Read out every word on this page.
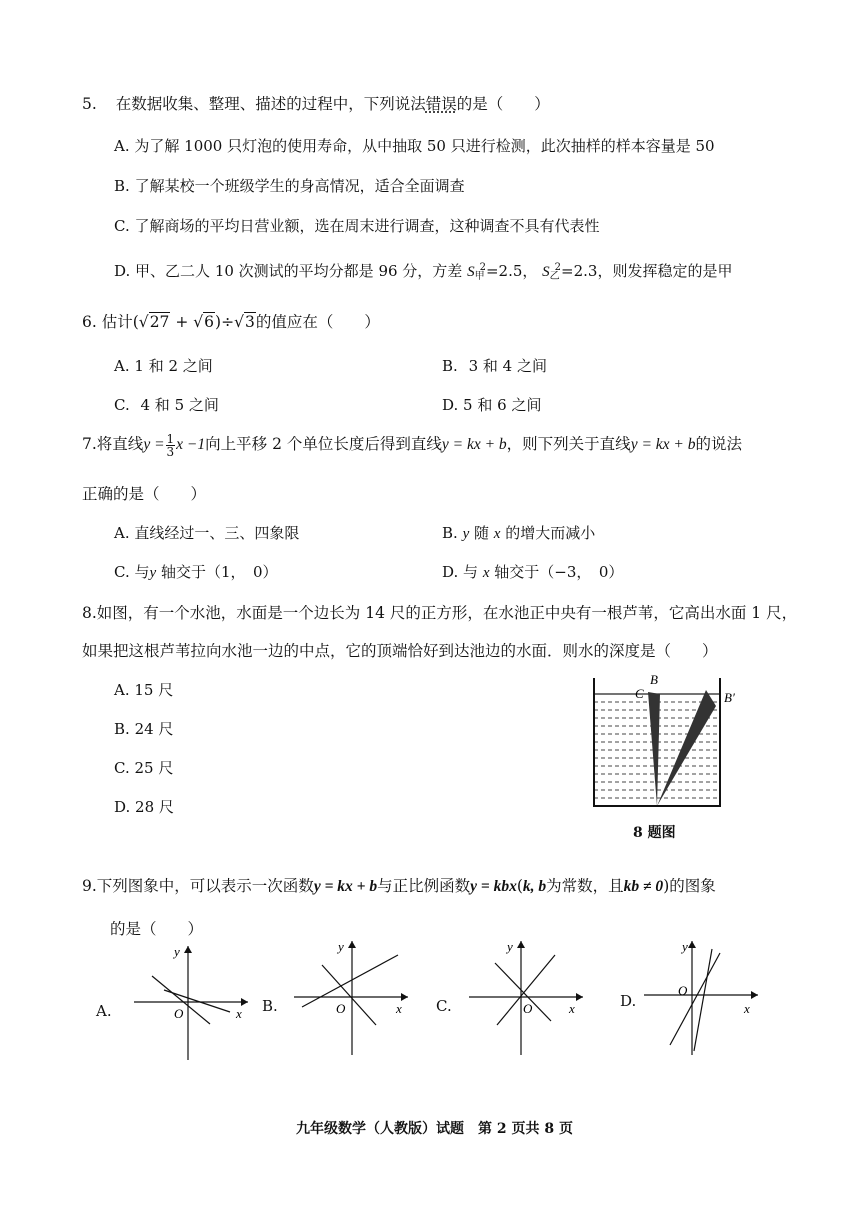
5. 在数据收集、整理、描述的过程中，下列说法错误的是（　　）
A. 为了解 1000 只灯泡的使用寿命，从中抽取 50 只进行检测，此次抽样的样本容量是 50
B. 了解某校一个班级学生的身高情况，适合全面调查
C. 了解商场的平均日营业额，选在周末进行调查，这种调查不具有代表性
D. 甲、乙二人 10 次测试的平均分都是 96 分，方差 $S_甲^2=2.5$， $S_乙^2=2.3$，则发挥稳定的是甲
6. 估计(√27 + √6)÷√3的值应在（　　）
A. 1 和 2 之间	B. 3 和 4 之间
C. 4 和 5 之间	D. 5 和 6 之间
7.将直线$y = \frac{1}{3}$ x −1向上平移 2 个单位长度后得到直线y = kx + b，则下列关于直线y = kx + b的说法
正确的是（　　）
A. 直线经过一、三、四象限	B. y 随 x 的增大而减小
C. 与y 轴交于（1，　0）	D. 与 x 轴交于（−3，　0）
8.如图，有一个水池，水面是一个边长为 14 尺的正方形，在水池正中央有一根芦苇，它高出水面 1 尺，
如果把这根芦苇拉向水池一边的中点，它的顶端恰好到达池边的水面．则水的深度是（　　）
A. 15 尺
B. 24 尺
C. 25 尺
D. 28 尺
B
C	B′
8 题图
9.下列图象中，可以表示一次函数y = kx + b与正比例函数y = kbx(k, b为常数，且kb ≠ 0)的图象
的是（　　）
A.
y
x
O	B.
y
x
O	C.
y
x
O	D.
y
x
O
九年级数学（人教版）试题　第 2 页共 8 页
